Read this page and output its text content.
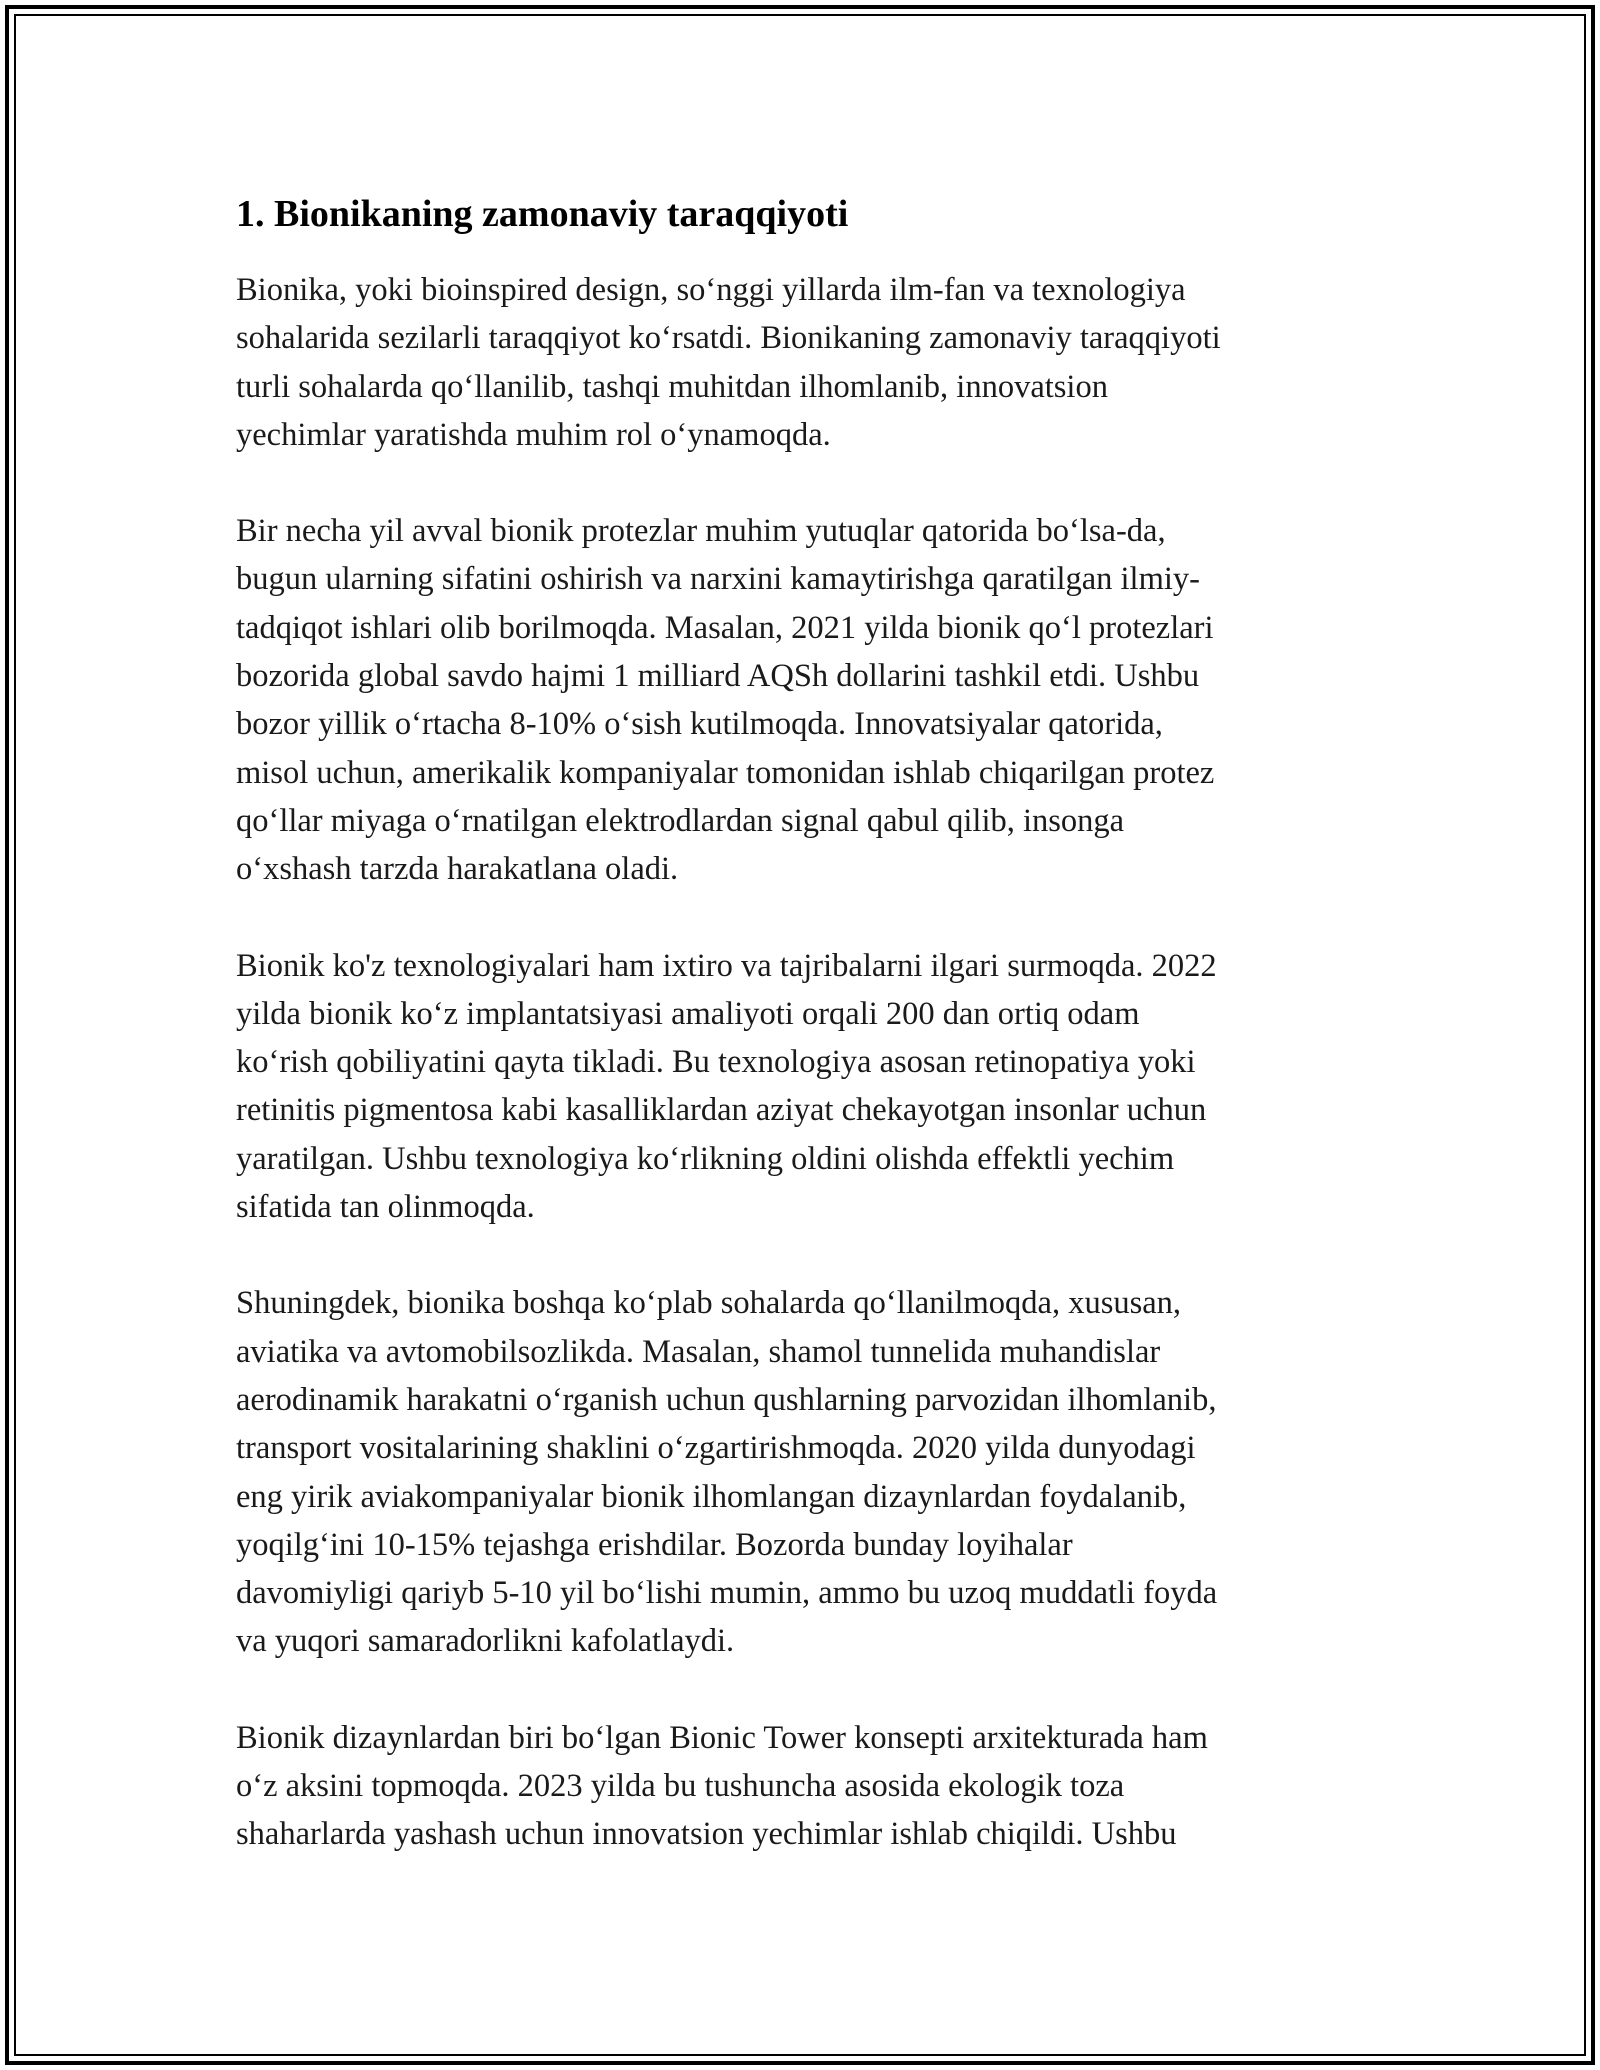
1. Bionikaning zamonaviy taraqqiyoti

Bionika, yoki bioinspired design, so‘nggi yillarda ilm-fan va texnologiya
sohalarida sezilarli taraqqiyot ko‘rsatdi. Bionikaning zamonaviy taraqqiyoti
turli sohalarda qo‘llanilib, tashqi muhitdan ilhomlanib, innovatsion
yechimlar yaratishda muhim rol o‘ynamoqda.

Bir necha yil avval bionik protezlar muhim yutuqlar qatorida bo‘lsa-da,
bugun ularning sifatini oshirish va narxini kamaytirishga qaratilgan ilmiy-
tadqiqot ishlari olib borilmoqda. Masalan, 2021 yilda bionik qo‘l protezlari
bozorida global savdo hajmi 1 milliard AQSh dollarini tashkil etdi. Ushbu
bozor yillik o‘rtacha 8-10% o‘sish kutilmoqda. Innovatsiyalar qatorida,
misol uchun, amerikalik kompaniyalar tomonidan ishlab chiqarilgan protez
qo‘llar miyaga o‘rnatilgan elektrodlardan signal qabul qilib, insonga
o‘xshash tarzda harakatlana oladi.

Bionik ko'z texnologiyalari ham ixtiro va tajribalarni ilgari surmoqda. 2022
yilda bionik ko‘z implantatsiyasi amaliyoti orqali 200 dan ortiq odam
ko‘rish qobiliyatini qayta tikladi. Bu texnologiya asosan retinopatiya yoki
retinitis pigmentosa kabi kasalliklardan aziyat chekayotgan insonlar uchun
yaratilgan. Ushbu texnologiya ko‘rlikning oldini olishda effektli yechim
sifatida tan olinmoqda.

Shuningdek, bionika boshqa ko‘plab sohalarda qo‘llanilmoqda, xususan,
aviatika va avtomobilsozlikda. Masalan, shamol tunnelida muhandislar
aerodinamik harakatni o‘rganish uchun qushlarning parvozidan ilhomlanib,
transport vositalarining shaklini o‘zgartirishmoqda. 2020 yilda dunyodagi
eng yirik aviakompaniyalar bionik ilhomlangan dizaynlardan foydalanib,
yoqilg‘ini 10-15% tejashga erishdilar. Bozorda bunday loyihalar
davomiyligi qariyb 5-10 yil bo‘lishi mumin, ammo bu uzoq muddatli foyda
va yuqori samaradorlikni kafolatlaydi.

Bionik dizaynlardan biri bo‘lgan Bionic Tower konsepti arxitekturada ham
o‘z aksini topmoqda. 2023 yilda bu tushuncha asosida ekologik toza
shaharlarda yashash uchun innovatsion yechimlar ishlab chiqildi. Ushbu
